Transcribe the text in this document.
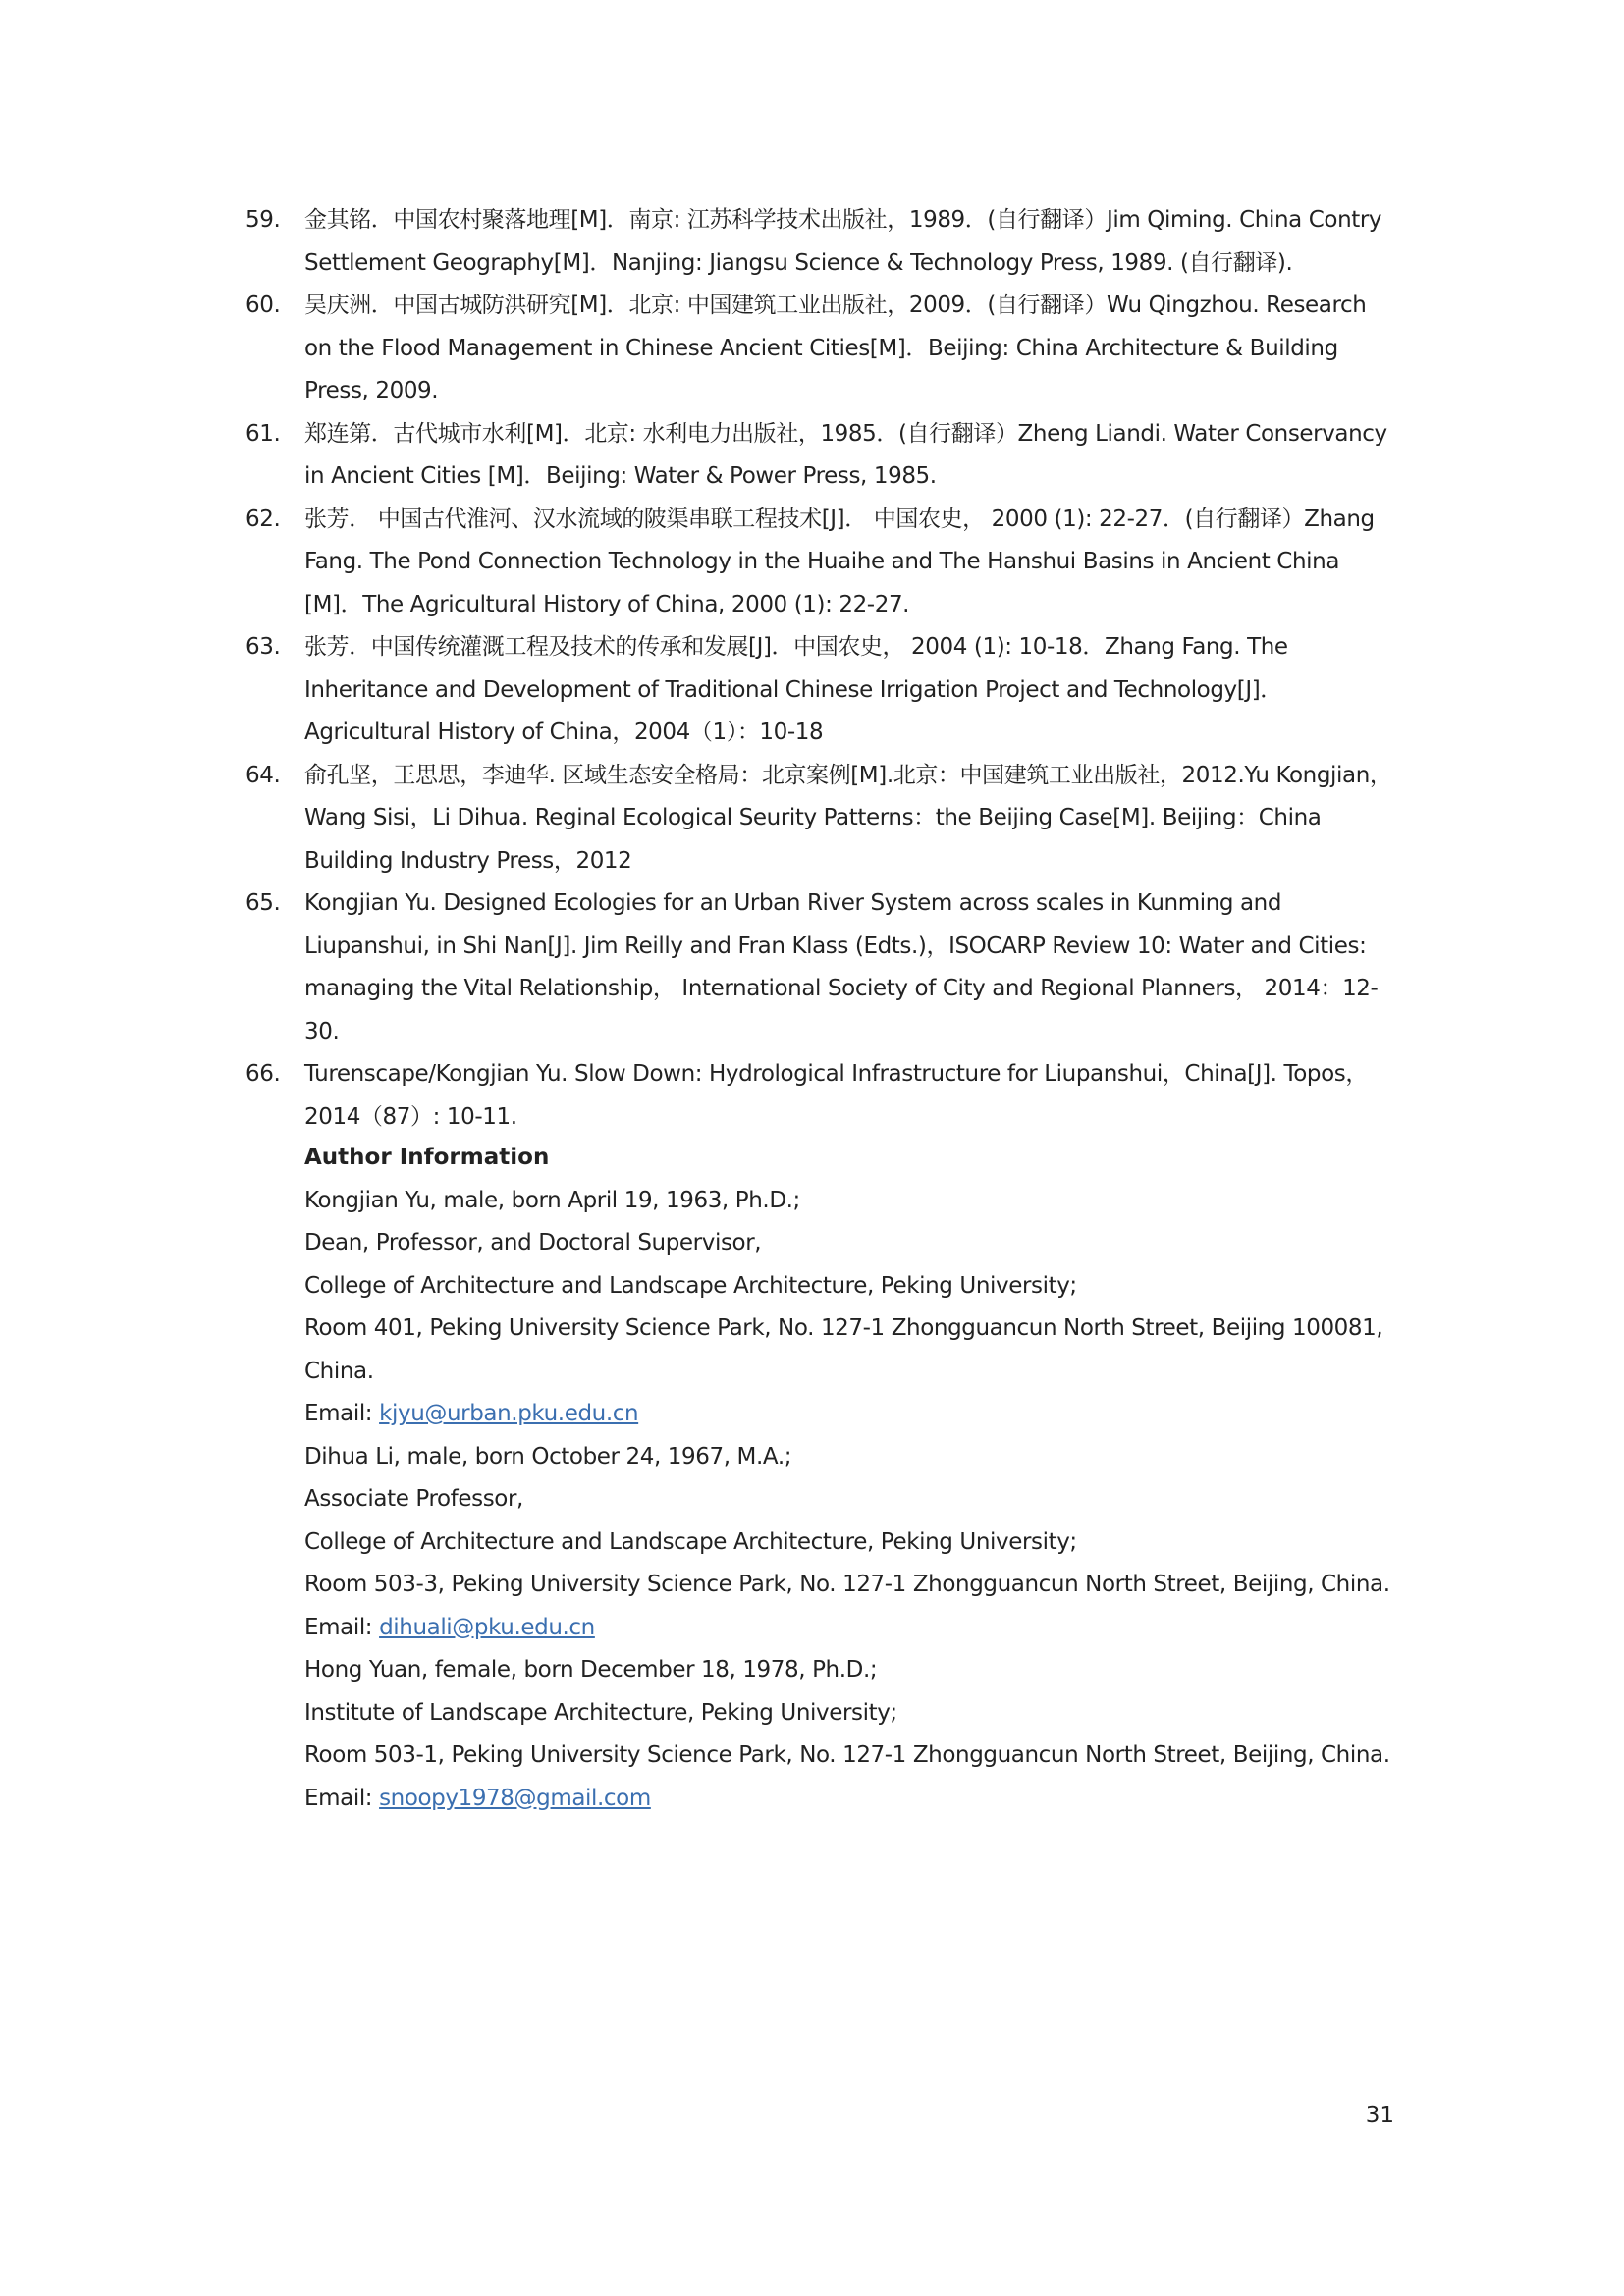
59.	金其铭．中国农村聚落地理[M]．南京: 江苏科学技术出版社，1989．(自行翻译）Jim Qiming. China Contry Settlement Geography[M]．Nanjing: Jiangsu Science & Technology Press, 1989. (自行翻译).
60.	吴庆洲．中国古城防洪研究[M]．北京: 中国建筑工业出版社，2009．(自行翻译）Wu Qingzhou. Research on the Flood Management in Chinese Ancient Cities[M]．Beijing: China Architecture & Building Press, 2009.
61.	郑连第．古代城市水利[M]．北京: 水利电力出版社，1985．(自行翻译）Zheng Liandi. Water Conservancy in Ancient Cities [M]．Beijing: Water & Power Press, 1985.
62.	张芳． 中国古代淮河、汉水流域的陂渠串联工程技术[J]． 中国农史， 2000 (1): 22-27．(自行翻译）Zhang Fang. The Pond Connection Technology in the Huaihe and The Hanshui Basins in Ancient China [M]．The Agricultural History of China, 2000 (1): 22-27.
63.	张芳．中国传统灌溉工程及技术的传承和发展[J]．中国农史， 2004 (1): 10-18．Zhang Fang. The Inheritance and Development of Traditional Chinese Irrigation Project and Technology[J]．Agricultural History of China，2004（1）：10-18
64.	俞孔坚，王思思，李迪华. 区域生态安全格局：北京案例[M].北京：中国建筑工业出版社，2012.Yu Kongjian，Wang Sisi，Li Dihua. Reginal Ecological Seurity Patterns：the Beijing Case[M]. Beijing：China Building Industry Press，2012
65.	Kongjian Yu. Designed Ecologies for an Urban River System across scales in Kunming and Liupanshui, in Shi Nan[J]. Jim Reilly and Fran Klass (Edts.)，ISOCARP Review 10: Water and Cities: managing the Vital Relationship， International Society of City and Regional Planners， 2014：12-30.
66.	Turenscape/Kongjian Yu. Slow Down: Hydrological Infrastructure for Liupanshui，China[J]. Topos，2014（87）: 10-11.

Author Information

Kongjian Yu, male, born April 19, 1963, Ph.D.;

Dean, Professor, and Doctoral Supervisor,

College of Architecture and Landscape Architecture, Peking University;

Room 401, Peking University Science Park, No. 127-1 Zhongguancun North Street, Beijing 100081, China.

Email: kjyu@urban.pku.edu.cn

Dihua Li, male, born October 24, 1967, M.A.;

Associate Professor,

College of Architecture and Landscape Architecture, Peking University;

Room 503-3, Peking University Science Park, No. 127-1 Zhongguancun North Street, Beijing, China.

Email: dihuali@pku.edu.cn

Hong Yuan, female, born December 18, 1978, Ph.D.;

Institute of Landscape Architecture, Peking University;

Room 503-1, Peking University Science Park, No. 127-1 Zhongguancun North Street, Beijing, China.

Email: snoopy1978@gmail.com

31
